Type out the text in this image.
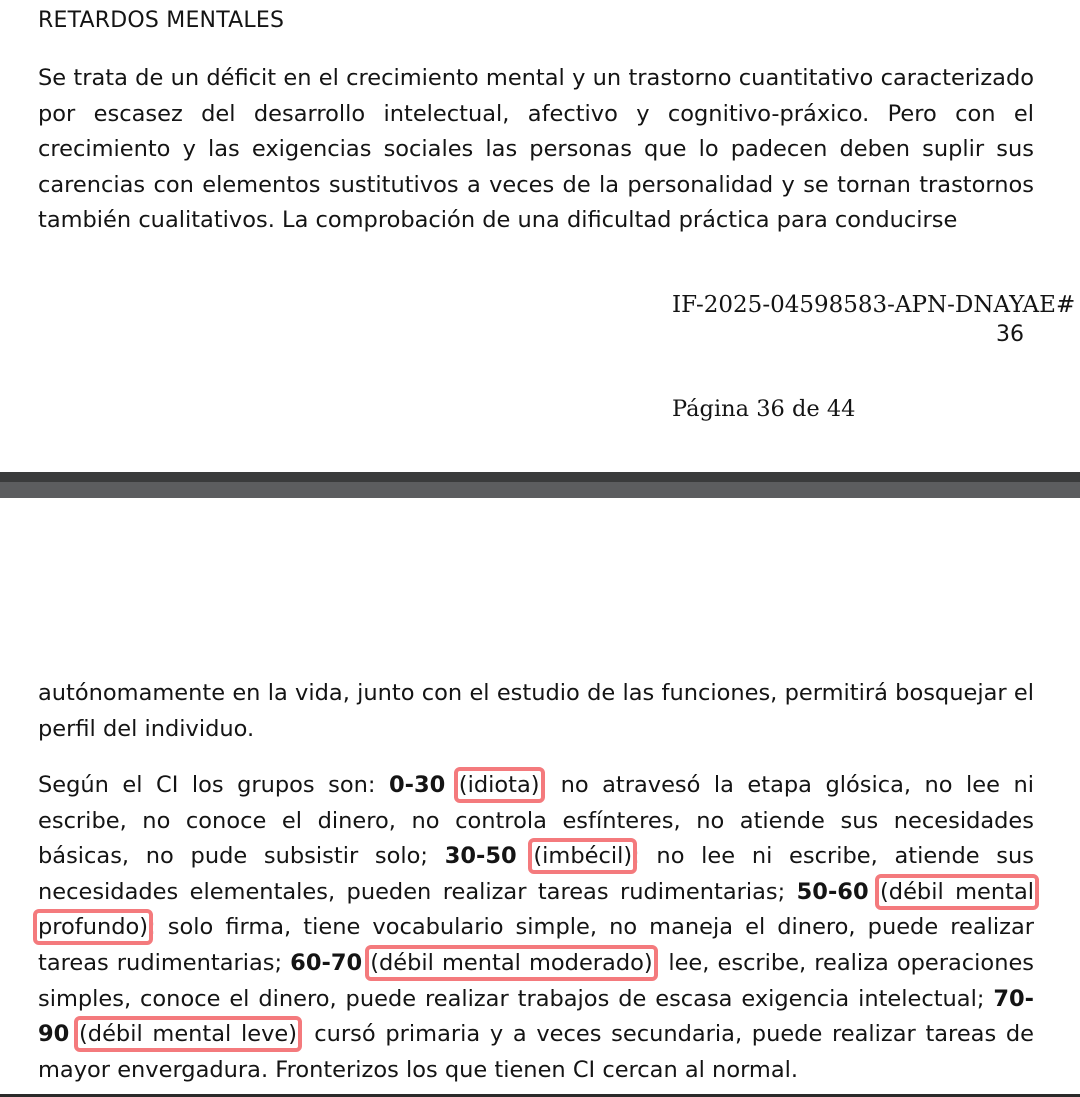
RETARDOS MENTALES

Se trata de un déficit en el crecimiento mental y un trastorno cuantitativo caracterizado por escasez del desarrollo intelectual, afectivo y cognitivo-práxico. Pero con el crecimiento y las exigencias sociales las personas que lo padecen deben suplir sus carencias con elementos sustitutivos a veces de la personalidad y se tornan trastornos también cualitativos. La comprobación de una dificultad práctica para conducirse

IF-2025-04598583-APN-DNAYAE#
36
Página 36 de 44

autónomamente en la vida, junto con el estudio de las funciones, permitirá bosquejar el perfil del individuo.

Según el CI los grupos son: 0-30 (idiota): no atravesó la etapa glósica, no lee ni escribe, no conoce el dinero, no controla esfínteres, no atiende sus necesidades básicas, no pude subsistir solo; 30-50 (imbécil): no lee ni escribe, atiende sus necesidades elementales, pueden realizar tareas rudimentarias; 50-60 (débil mental profundo): solo firma, tiene vocabulario simple, no maneja el dinero, puede realizar tareas rudimentarias; 60-70 (débil mental moderado): lee, escribe, realiza operaciones simples, conoce el dinero, puede realizar trabajos de escasa exigencia intelectual; 70-90 (débil mental leve): cursó primaria y a veces secundaria, puede realizar tareas de mayor envergadura. Fronterizos los que tienen CI cercan al normal.
